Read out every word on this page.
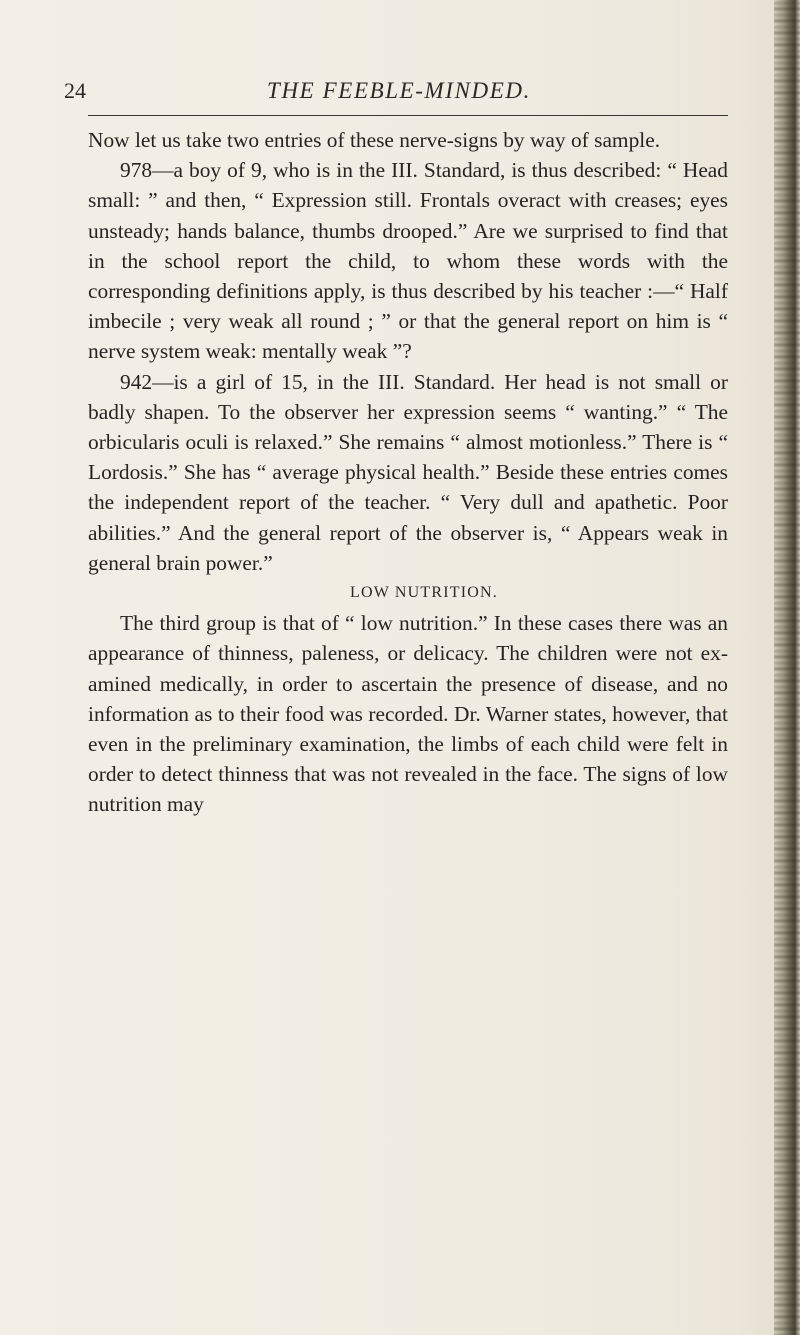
24	THE FEEBLE-MINDED.

Now let us take two entries of these nerve-signs by way of sample.

978—a boy of 9, who is in the III. Standard, is thus described: “ Head small: ” and then, “ Expression still. Frontals overact with creases; eyes unsteady; hands balance, thumbs drooped.” Are we surprised to find that in the school report the child, to whom these words with the corresponding definitions apply, is thus described by his teacher :—“ Half imbecile ; very weak all round ; ” or that the general report on him is “ nerve system weak: mentally weak ”?

942—is a girl of 15, in the III. Standard. Her head is not small or badly shapen. To the observer her expression seems “ wanting.” “ The orbicularis oculi is relaxed.” She remains “ almost motionless.” There is “ Lordosis.” She has “ average physical health.” Beside these entries comes the independent report of the teacher. “ Very dull and apathetic. Poor abilities.” And the general report of the observer is, “ Appears weak in general brain power.”

LOW NUTRITION.

The third group is that of “ low nutrition.” In these cases there was an appearance of thinness, paleness, or delicacy. The children were not examined medically, in order to ascertain the presence of disease, and no information as to their food was recorded. Dr. Warner states, however, that even in the preliminary examination, the limbs of each child were felt in order to detect thinness that was not revealed in the face. The signs of low nutrition may
